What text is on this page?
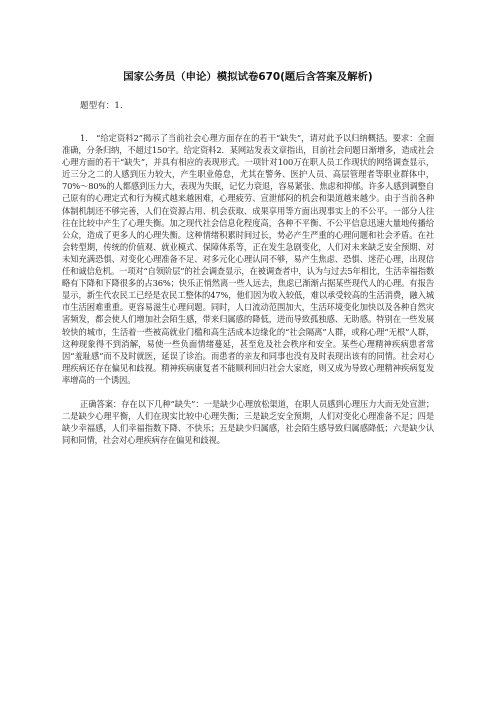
国家公务员（申论）模拟试卷670(题后含答案及解析)
题型有：1.

1.　“给定资料2”揭示了当前社会心理方面存在的若干“缺失”，请对此予以归纳概括。要求：全面准确，分条归纳，不超过150字。给定资料2．某网站发表文章指出，目前社会问题日渐增多，造成社会心理方面的若干“缺失”，并具有相应的表现形式。一项针对100万在职人员工作现状的网络调查显示，近三分之二的人感到压力较大，产生职业倦怠，尤其在警务、医护人员、高层管理者等职业群体中，70%～80%的人都感到压力大，表现为失眠，记忆力衰退，容易紧张、焦虑和抑郁。许多人感到调整自己原有的心理定式和行为模式越来越困难，心理疲劳、宣泄郁闷的机会和渠道越来越少。由于当前各种体制机制还不够完善，人们在资源占用、机会获取、成果享用等方面出现事实上的不公平。一部分人往往在比较中产生了心理失衡。加之现代社会信息化程度高，各种不平衡、不公平信息迅速大量地传播给公众，造成了更多人的心理失衡。这种情绪积累时间过长，势必产生严重的心理问题和社会矛盾。在社会转型期，传统的价值观、就业模式、保障体系等，正在发生急剧变化，人们对未来缺乏安全预期、对未知充满恐惧、对变化心理准备不足、对多元化心理认同不够，易产生焦虑、恐惧、迷茫心理，出现信任和诚信危机。一项对“自领阶层”的社会调查显示，在被调查者中，认为与过去5年相比，生活幸福指数略有下降和下降很多的占36%；快乐正悄然离一些人远去，焦虑已渐渐占据某些现代人的心理。有报告显示，新生代农民工已经是农民工整体的47%，他们因为收入较低，难以承受较高的生活消费，融入城市生活困难重重。更容易滋生心理问题。同时，人口流动范围加大，生活环境变化加快以及各种自然灾害频发，都会使人们增加社会陌生感，带来归属感的降低，进而导致孤独感、无助感。特别在一些发展较快的城市，生活着一些被高就业门槛和高生活成本边缘化的“社会隔离”人群，或称心理“无根”人群，这种现象得不到消解，易使一些负面情绪蔓延，甚至危及社会秩序和安全。某些心理精神疾病患者常因“羞耻感”而不及时就医，延误了诊治。而患者的亲友和同事也没有及时表现出该有的同情。社会对心理疾病还存在偏见和歧视。精神疾病康复者不能顺利回归社会大家庭，则又成为导致心理精神疾病复发率增高的一个诱因。

正确答案：存在以下几种“缺失”：一是缺少心理放松渠道，在职人员感到心理压力大而无处宣泄；二是缺少心理平衡，人们在现实比较中心理失衡；三是缺乏安全预期，人们对变化心理准备不足；四是缺少幸福感，人们幸福指数下降、不快乐；五是缺少归属感，社会陌生感导致归属感降低；六是缺少认同和同情，社会对心理疾病存在偏见和歧视。
